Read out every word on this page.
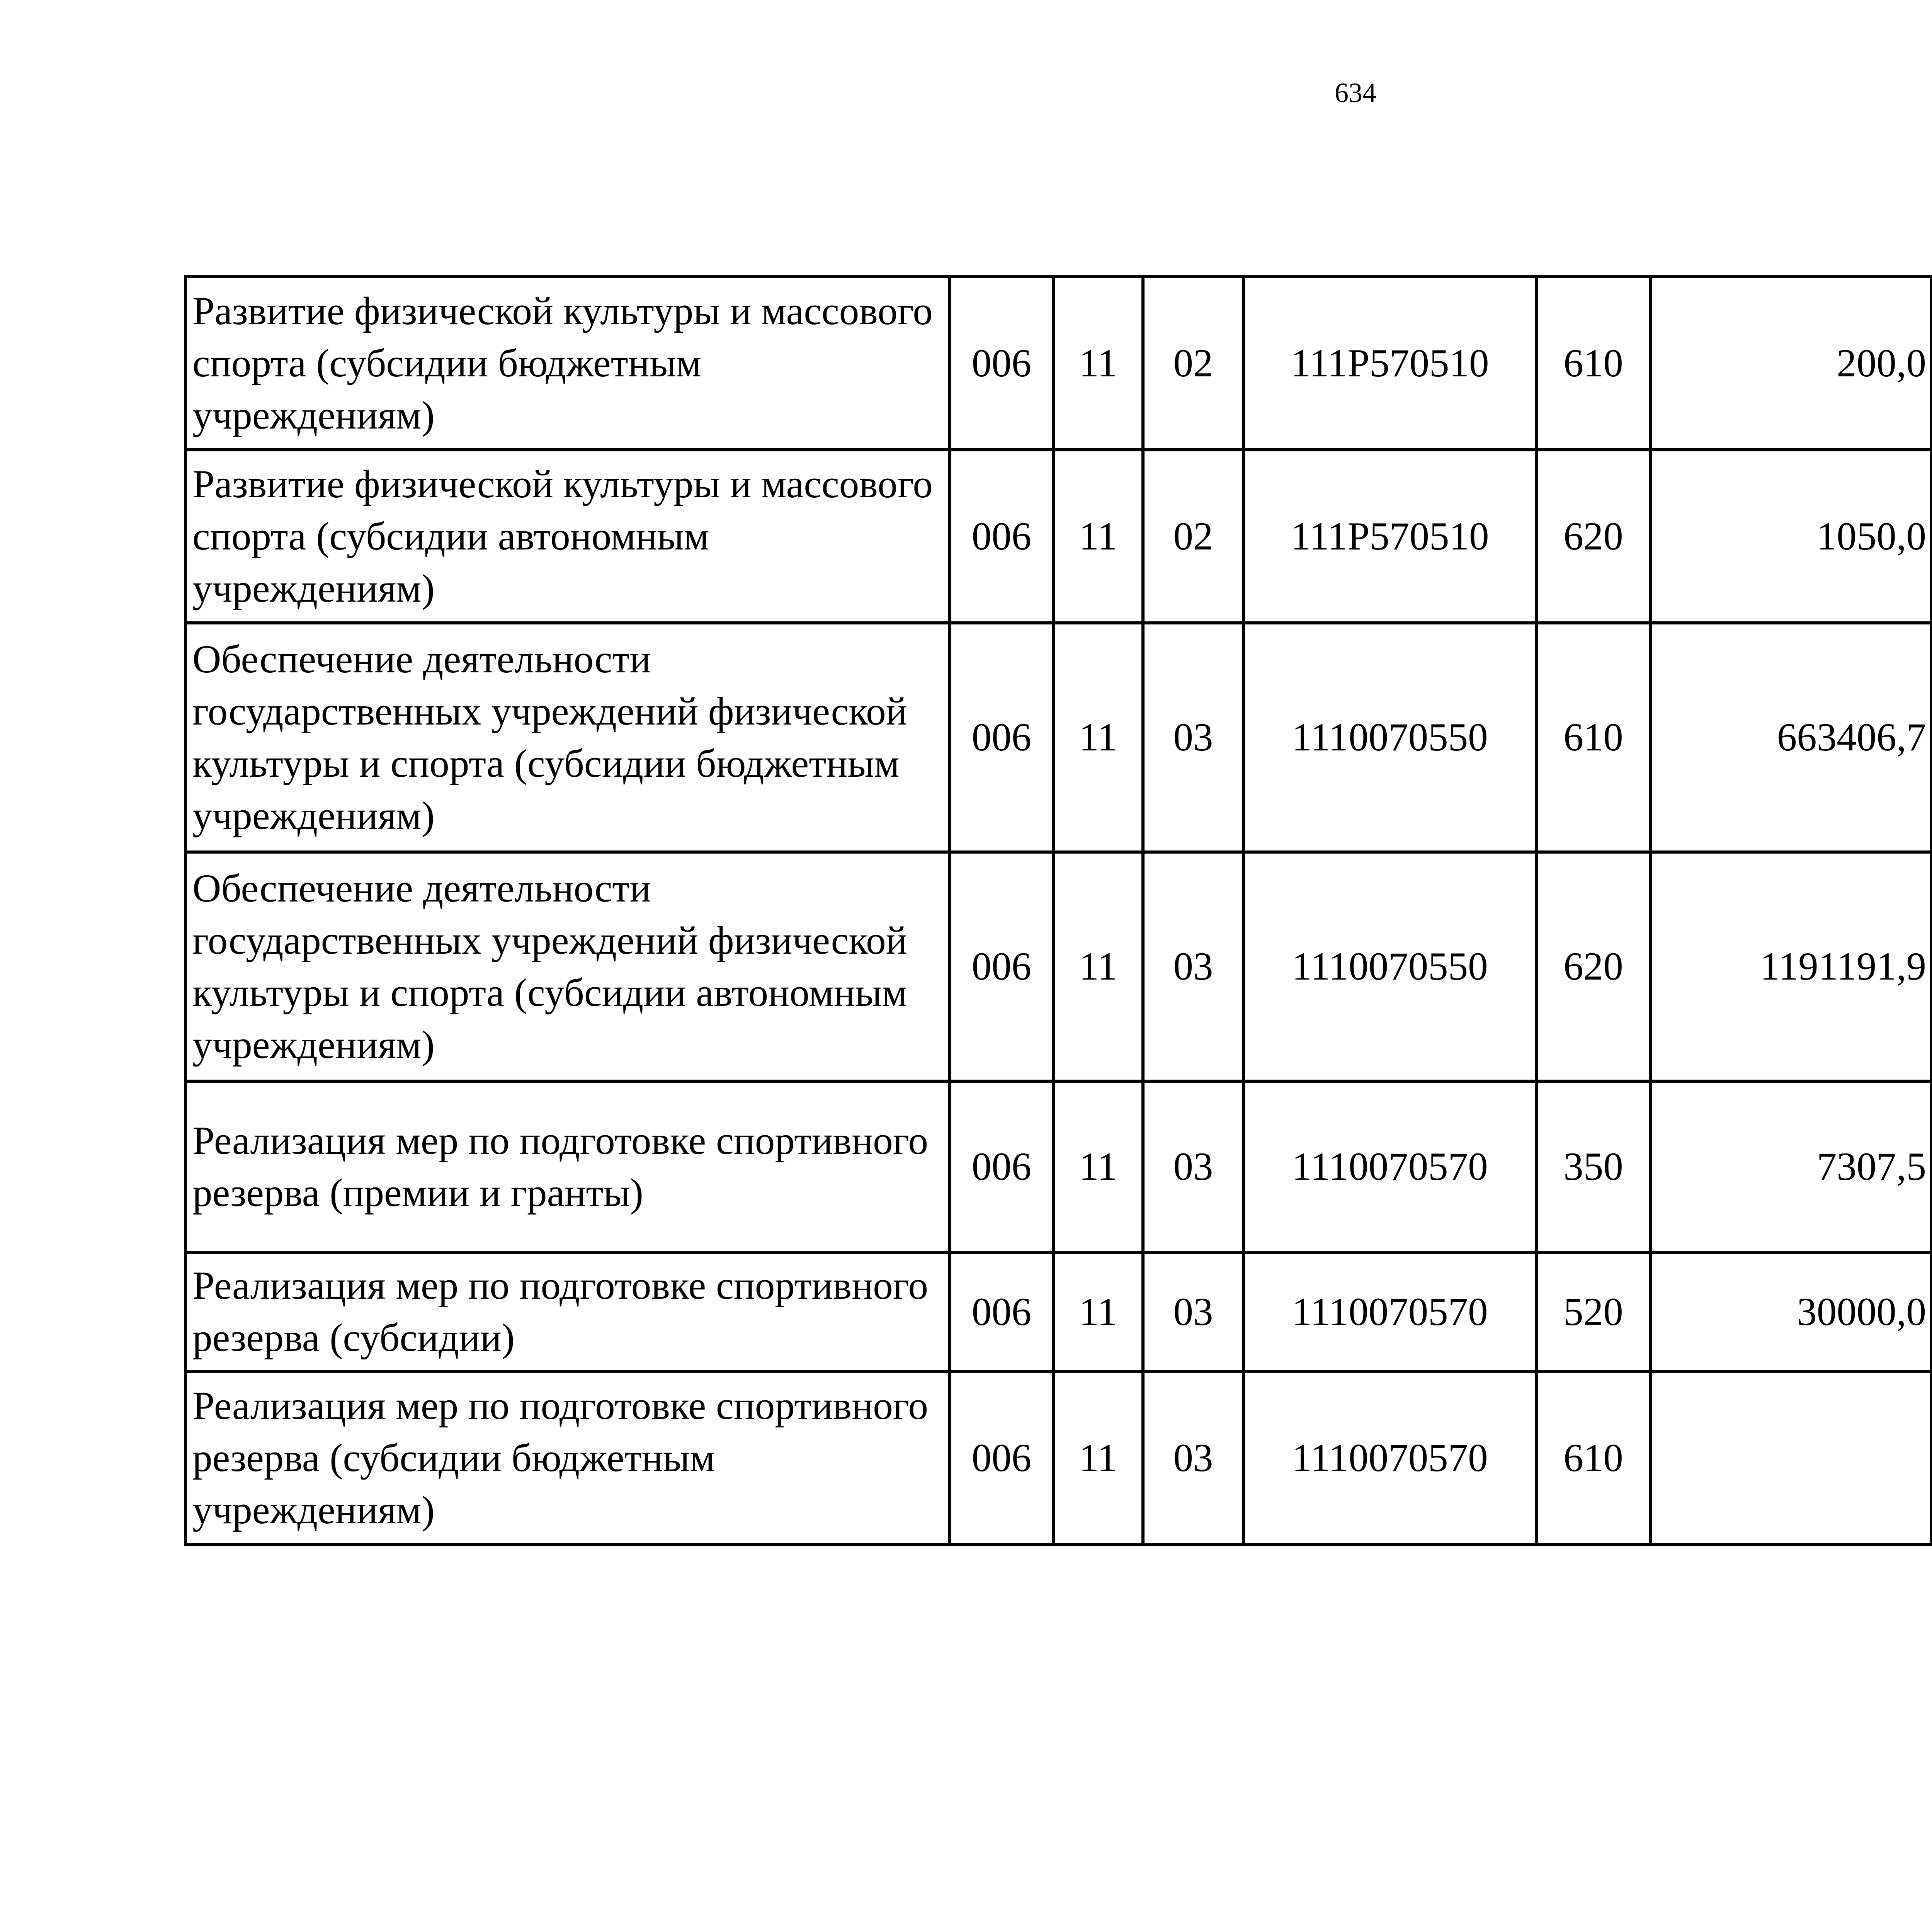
634
Развитие физической культуры и массового спорта (субсидии бюджетным учреждениям)	006	11	02	111Р570510	610	200,0		
Развитие физической культуры и массового спорта (субсидии автономным учреждениям)	006	11	02	111Р570510	620	1050,0		
Обеспечение деятельности государственных учреждений физической культуры и спорта (субсидии бюджетным учреждениям)	006	11	03	1110070550	610	663406,7		
Обеспечение деятельности государственных учреждений физической культуры и спорта (субсидии автономным учреждениям)	006	11	03	1110070550	620	1191191,9		
Реализация мер по подготовке спортивного резерва (премии и гранты)	006	11	03	1110070570	350	7307,5		
Реализация мер по подготовке спортивного резерва (субсидии)	006	11	03	1110070570	520	30000,0		
Реализация мер по подготовке спортивного резерва (субсидии бюджетным учреждениям)	006	11	03	1110070570	610			
